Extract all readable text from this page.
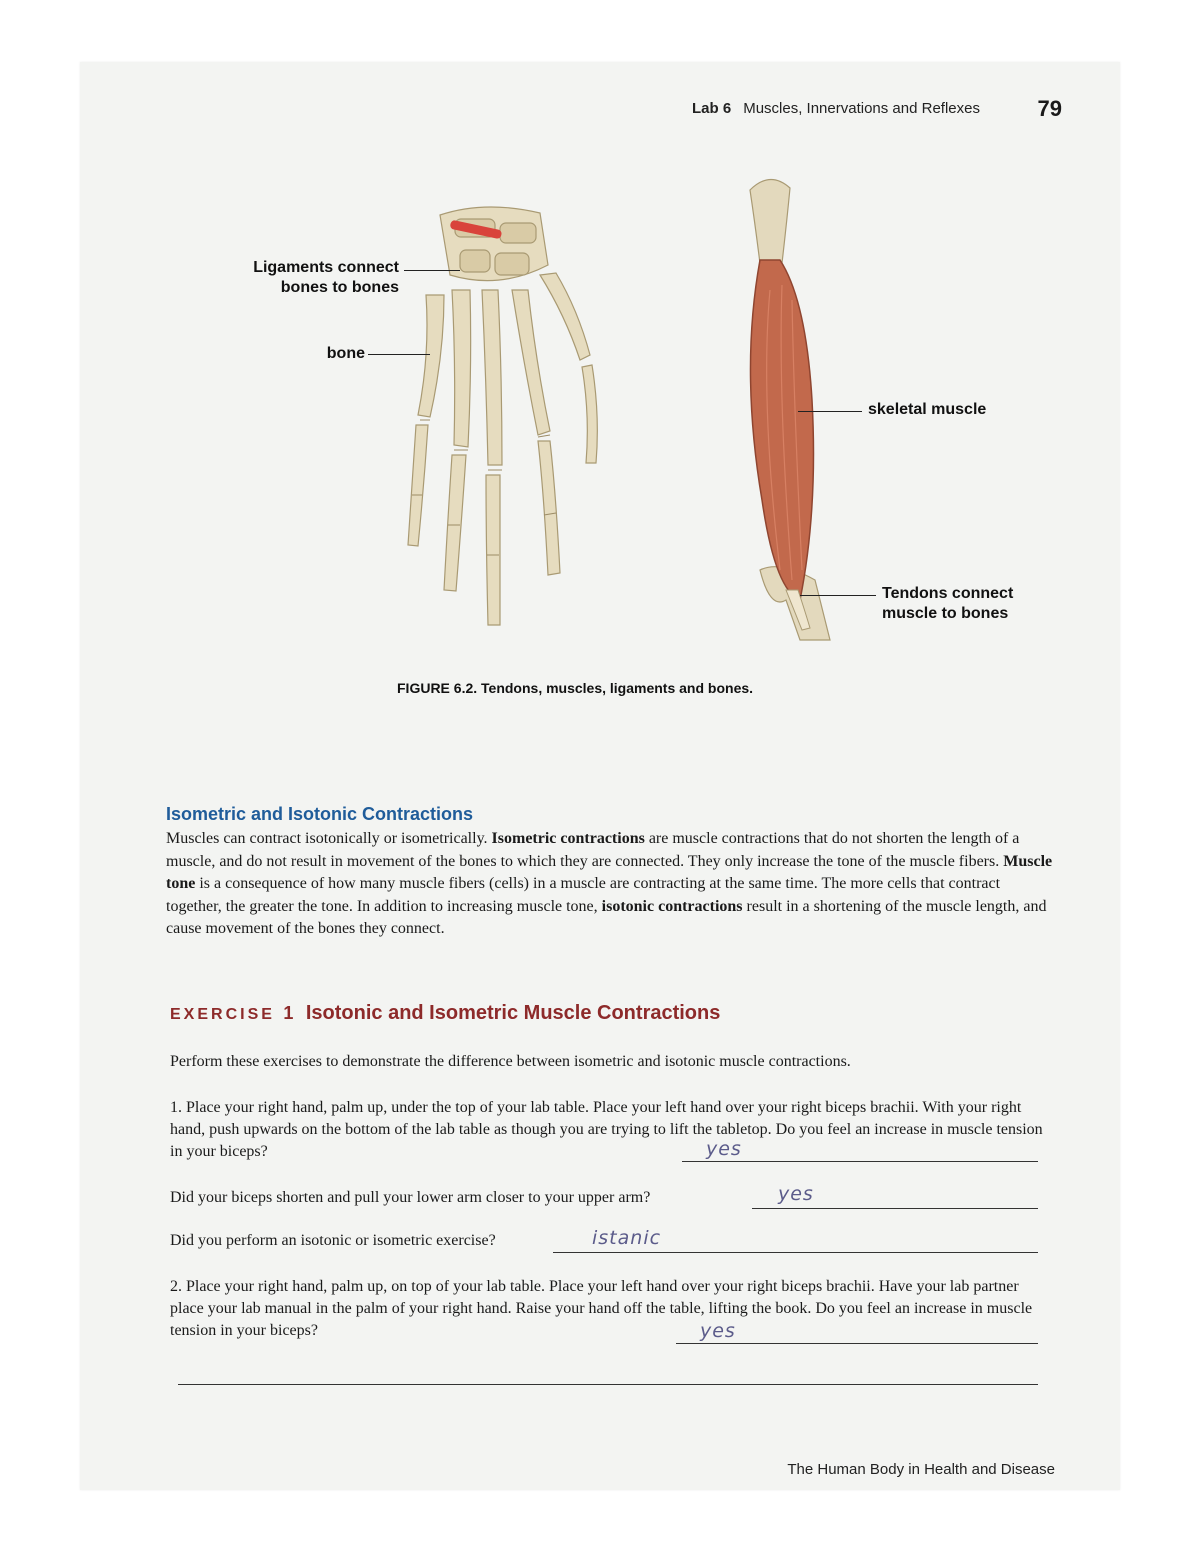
Lab 6 Muscles, Innervations and Reflexes	79
Ligaments connect
bones to bones
bone
skeletal muscle
Tendons connect
muscle to bones
FIGURE 6.2. Tendons, muscles, ligaments and bones.
Isometric and Isotonic Contractions
Muscles can contract isotonically or isometrically. Isometric contractions are muscle contractions that do not shorten the length of a muscle, and do not result in movement of the bones to which they are connected. They only increase the tone of the muscle fibers. Muscle tone is a consequence of how many muscle fibers (cells) in a muscle are contracting at the same time. The more cells that contract together, the greater the tone. In addition to increasing muscle tone, isotonic contractions result in a shortening of the muscle length, and cause movement of the bones they connect.
EXERCISE 1 Isotonic and Isometric Muscle Contractions
Perform these exercises to demonstrate the difference between isometric and isotonic muscle contractions.
1. Place your right hand, palm up, under the top of your lab table. Place your left hand over your right biceps brachii. With your right hand, push upwards on the bottom of the lab table as though you are trying to lift the tabletop. Do you feel an increase in muscle tension in your biceps?	yes
Did your biceps shorten and pull your lower arm closer to your upper arm?	yes
Did you perform an isotonic or isometric exercise?	istanic
2. Place your right hand, palm up, on top of your lab table. Place your left hand over your right biceps brachii. Have your lab partner place your lab manual in the palm of your right hand. Raise your hand off the table, lifting the book. Do you feel an increase in muscle tension in your biceps?	yes
The Human Body in Health and Disease
